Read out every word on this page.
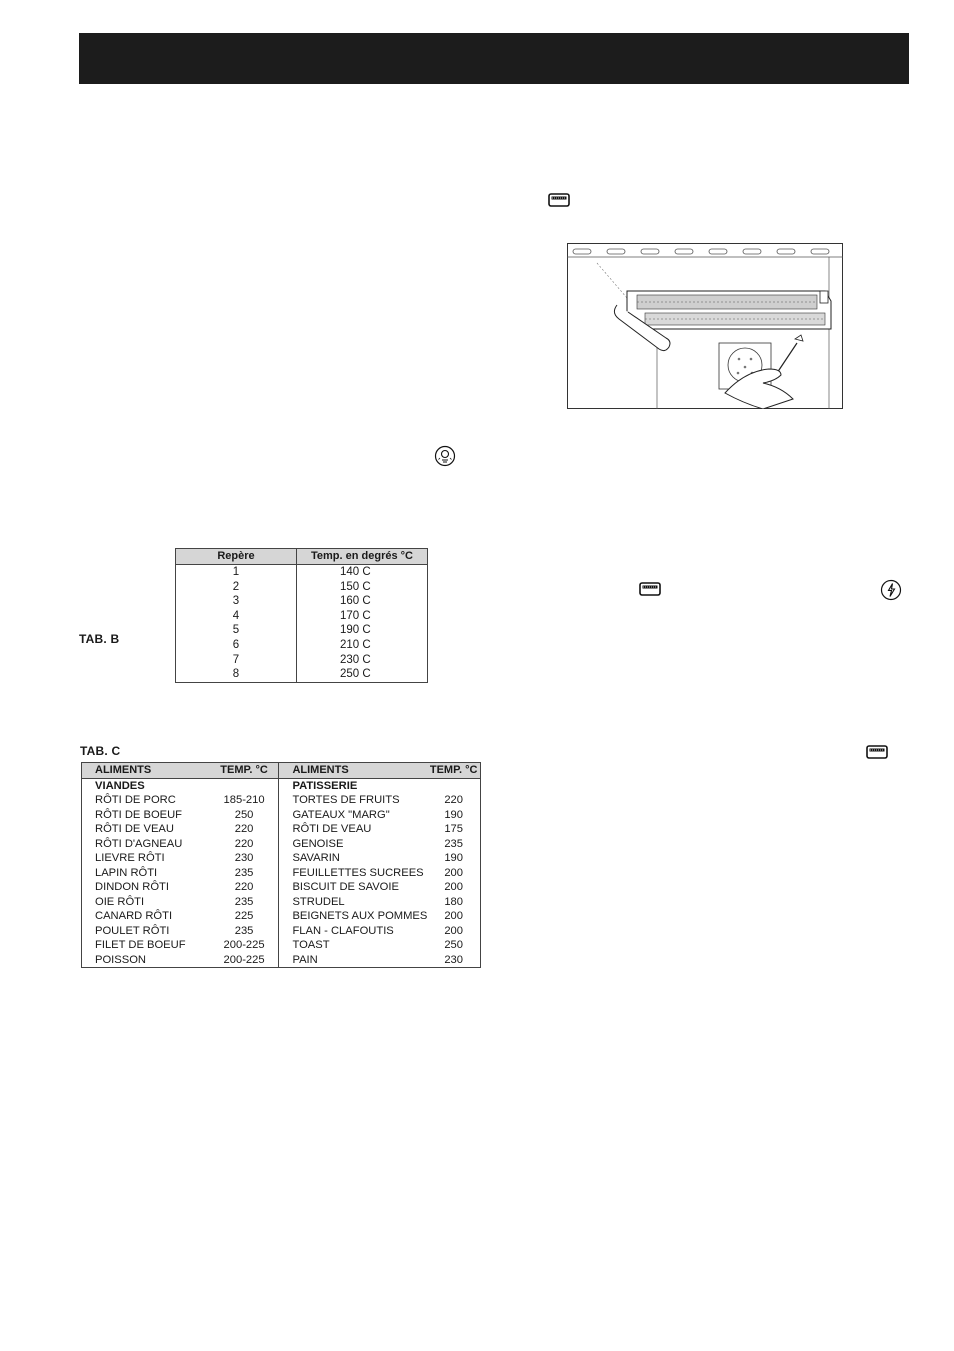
TAB. B
Repère	Temp. en degrés °C
1	140 C
2	150 C
3	160 C
4	170 C
5	190 C
6	210 C
7	230 C
8	250 C
TAB. C
ALIMENTS	TEMP. °C	ALIMENTS	TEMP. °C
VIANDES		PATISSERIE	
RÔTI DE PORC	185-210	TORTES DE FRUITS	220
RÔTI DE BOEUF	250	GATEAUX "MARG"	190
RÔTI DE VEAU	220	RÔTI DE VEAU	175
RÔTI D'AGNEAU	220	GENOISE	235
LIEVRE RÔTI	230	SAVARIN	190
LAPIN RÔTI	235	FEUILLETTES SUCREES	200
DINDON RÔTI	220	BISCUIT DE SAVOIE	200
OIE RÔTI	235	STRUDEL	180
CANARD RÔTI	225	BEIGNETS AUX POMMES	200
POULET RÔTI	235	FLAN - CLAFOUTIS	200
FILET DE BOEUF	200-225	TOAST	250
POISSON	200-225	PAIN	230
